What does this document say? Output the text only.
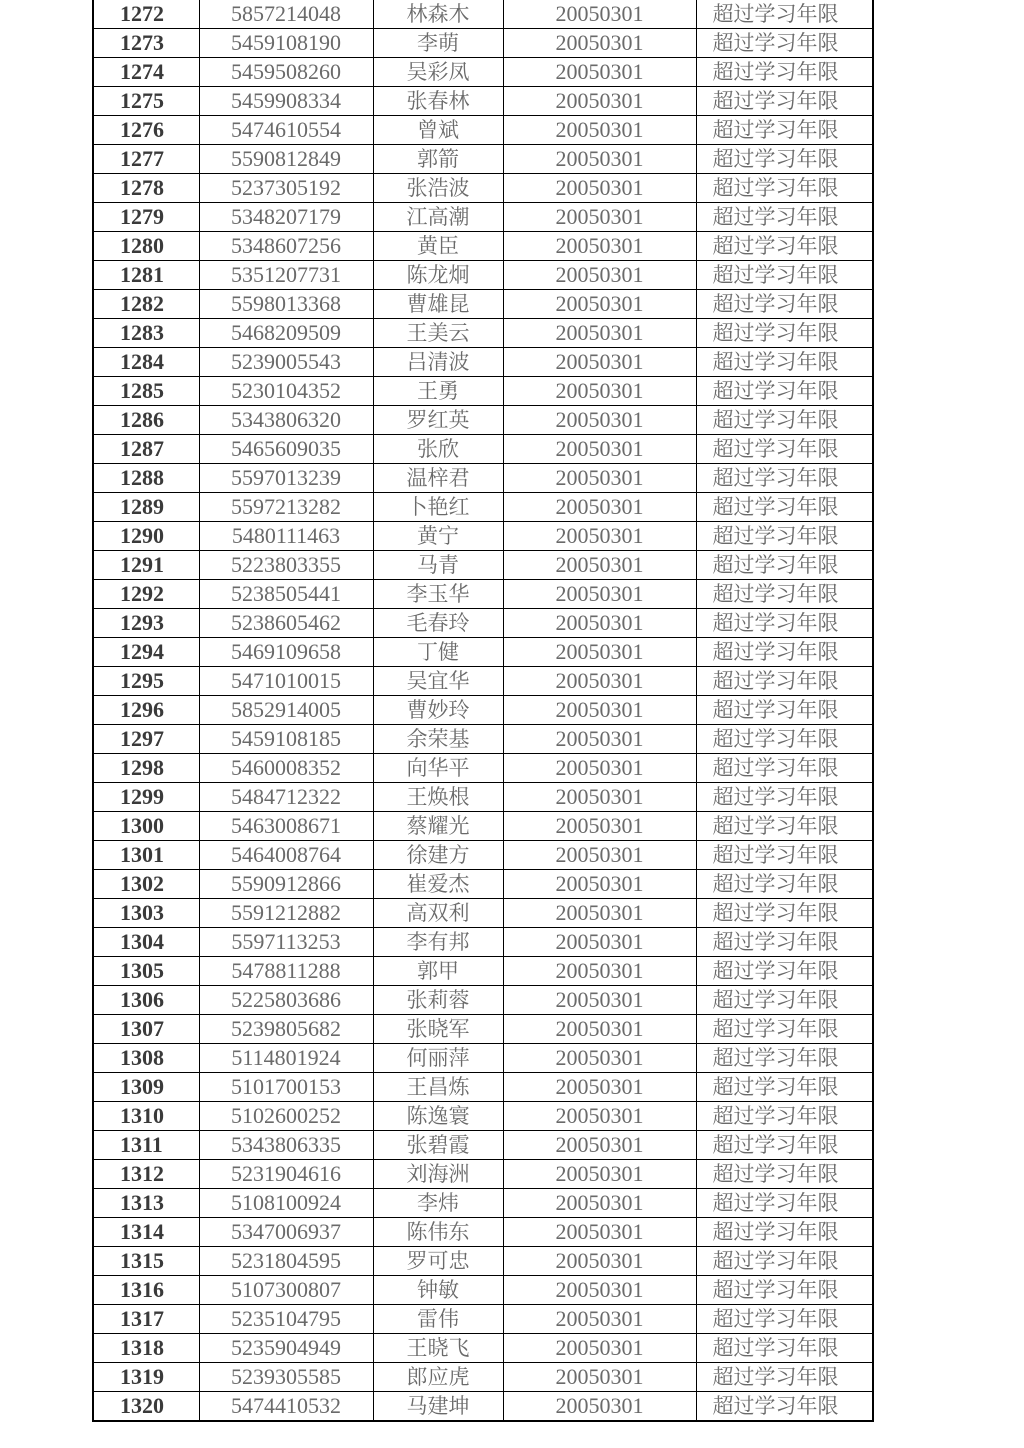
1272	5857214048	林森木	20050301	超过学习年限
1273	5459108190	李萌	20050301	超过学习年限
1274	5459508260	吴彩凤	20050301	超过学习年限
1275	5459908334	张春林	20050301	超过学习年限
1276	5474610554	曾斌	20050301	超过学习年限
1277	5590812849	郭箭	20050301	超过学习年限
1278	5237305192	张浩波	20050301	超过学习年限
1279	5348207179	江高潮	20050301	超过学习年限
1280	5348607256	黄臣	20050301	超过学习年限
1281	5351207731	陈龙炯	20050301	超过学习年限
1282	5598013368	曹雄昆	20050301	超过学习年限
1283	5468209509	王美云	20050301	超过学习年限
1284	5239005543	吕清波	20050301	超过学习年限
1285	5230104352	王勇	20050301	超过学习年限
1286	5343806320	罗红英	20050301	超过学习年限
1287	5465609035	张欣	20050301	超过学习年限
1288	5597013239	温梓君	20050301	超过学习年限
1289	5597213282	卜艳红	20050301	超过学习年限
1290	5480111463	黄宁	20050301	超过学习年限
1291	5223803355	马青	20050301	超过学习年限
1292	5238505441	李玉华	20050301	超过学习年限
1293	5238605462	毛春玲	20050301	超过学习年限
1294	5469109658	丁健	20050301	超过学习年限
1295	5471010015	吴宜华	20050301	超过学习年限
1296	5852914005	曹妙玲	20050301	超过学习年限
1297	5459108185	余荣基	20050301	超过学习年限
1298	5460008352	向华平	20050301	超过学习年限
1299	5484712322	王焕根	20050301	超过学习年限
1300	5463008671	蔡耀光	20050301	超过学习年限
1301	5464008764	徐建方	20050301	超过学习年限
1302	5590912866	崔爱杰	20050301	超过学习年限
1303	5591212882	高双利	20050301	超过学习年限
1304	5597113253	李有邦	20050301	超过学习年限
1305	5478811288	郭甲	20050301	超过学习年限
1306	5225803686	张莉蓉	20050301	超过学习年限
1307	5239805682	张晓军	20050301	超过学习年限
1308	5114801924	何丽萍	20050301	超过学习年限
1309	5101700153	王昌炼	20050301	超过学习年限
1310	5102600252	陈逸寰	20050301	超过学习年限
1311	5343806335	张碧霞	20050301	超过学习年限
1312	5231904616	刘海洲	20050301	超过学习年限
1313	5108100924	李炜	20050301	超过学习年限
1314	5347006937	陈伟东	20050301	超过学习年限
1315	5231804595	罗可忠	20050301	超过学习年限
1316	5107300807	钟敏	20050301	超过学习年限
1317	5235104795	雷伟	20050301	超过学习年限
1318	5235904949	王晓飞	20050301	超过学习年限
1319	5239305585	郎应虎	20050301	超过学习年限
1320	5474410532	马建坤	20050301	超过学习年限
